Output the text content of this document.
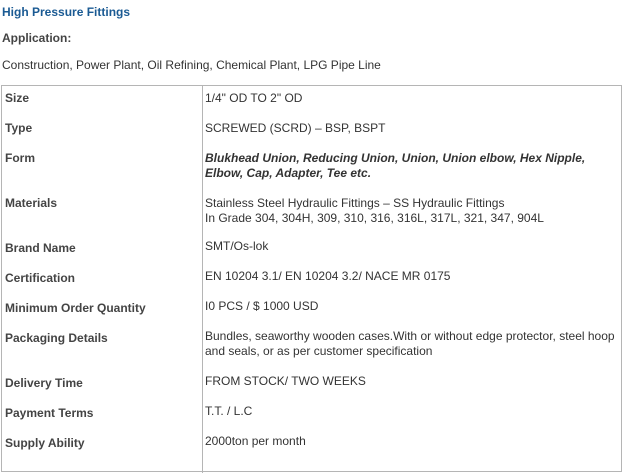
High Pressure Fittings
Application:
Construction, Power Plant, Oil Refining, Chemical Plant, LPG Pipe Line
Size	1/4" OD TO 2" OD
Type	SCREWED (SCRD) – BSP, BSPT
Form	Blukhead Union, Reducing Union, Union, Union elbow, Hex Nipple, Elbow, Cap, Adapter, Tee etc.
Materials	Stainless Steel Hydraulic Fittings – SS Hydraulic Fittings
In Grade 304, 304H, 309, 310, 316, 316L, 317L, 321, 347, 904L
Brand Name	SMT/Os-lok
Certification	EN 10204 3.1/ EN 10204 3.2/ NACE MR 0175
Minimum Order Quantity	I0 PCS / $ 1000 USD
Packaging Details	Bundles, seaworthy wooden cases.With or without edge protector, steel hoop and seals, or as per customer specification
Delivery Time	FROM STOCK/ TWO WEEKS
Payment Terms	T.T. / L.C
Supply Ability	2000ton per month
